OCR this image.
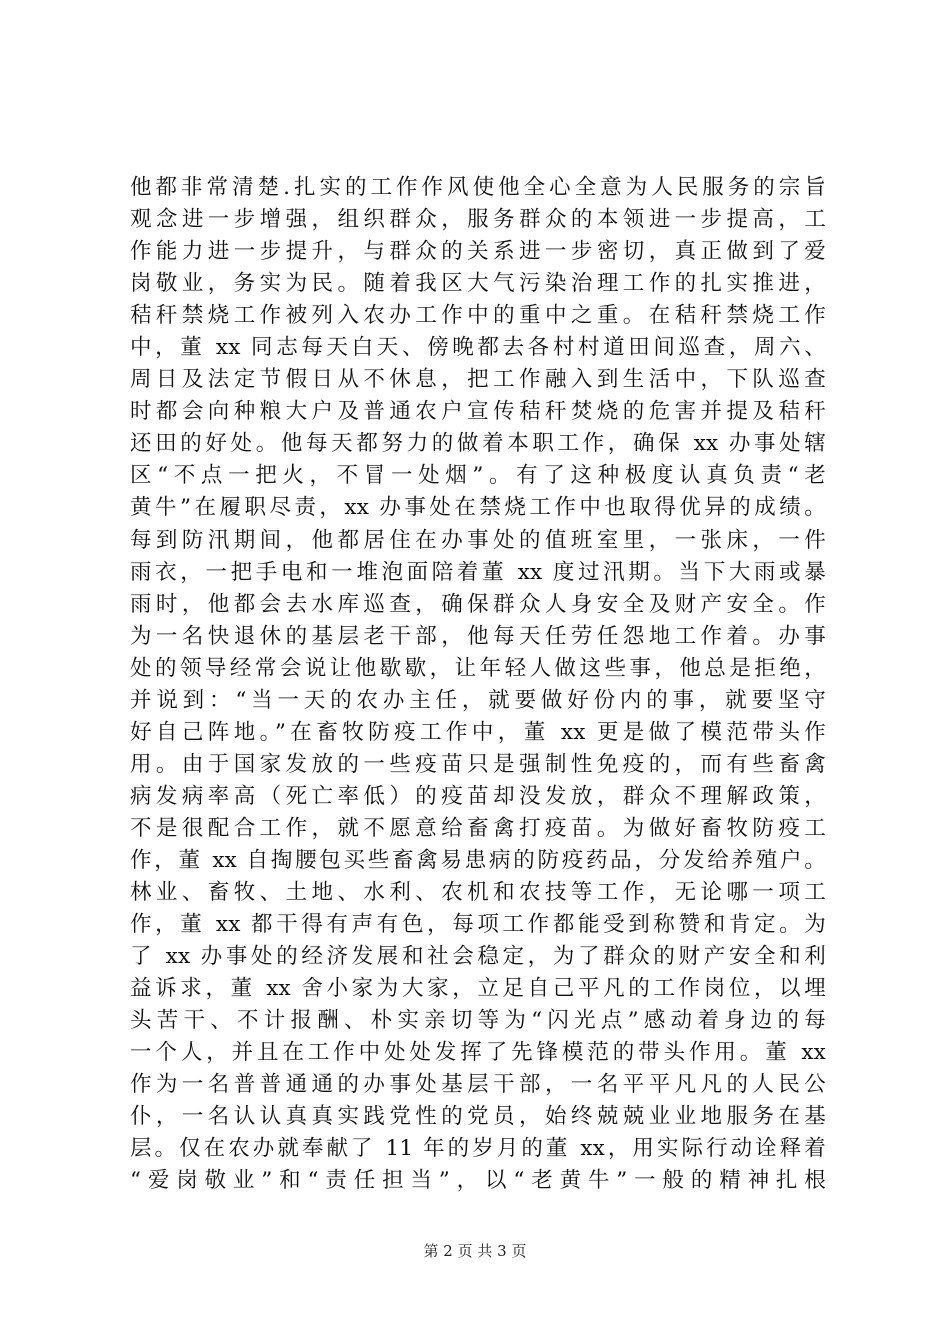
他都非常清楚.扎实的工作作风使他全心全意为人民服务的宗旨
观念进一步增强，组织群众，服务群众的本领进一步提高，工
作能力进一步提升，与群众的关系进一步密切，真正做到了爱
岗敬业，务实为民。随着我区大气污染治理工作的扎实推进，
秸秆禁烧工作被列入农办工作中的重中之重。在秸秆禁烧工作
中，董 xx 同志每天白天、傍晚都去各村村道田间巡查，周六、
周日及法定节假日从不休息，把工作融入到生活中，下队巡查
时都会向种粮大户及普通农户宣传秸秆焚烧的危害并提及秸秆
还田的好处。他每天都努力的做着本职工作，确保 xx 办事处辖
区“不点一把火，不冒一处烟”。有了这种极度认真负责“老
黄牛”在履职尽责，xx 办事处在禁烧工作中也取得优异的成绩。
每到防汛期间，他都居住在办事处的值班室里，一张床，一件
雨衣，一把手电和一堆泡面陪着董 xx 度过汛期。当下大雨或暴
雨时，他都会去水库巡查，确保群众人身安全及财产安全。作
为一名快退休的基层老干部，他每天任劳任怨地工作着。办事
处的领导经常会说让他歇歇，让年轻人做这些事，他总是拒绝，
并说到：“当一天的农办主任，就要做好份内的事，就要坚守
好自己阵地。”在畜牧防疫工作中，董 xx 更是做了模范带头作
用。由于国家发放的一些疫苗只是强制性免疫的，而有些畜禽
病发病率高（死亡率低）的疫苗却没发放，群众不理解政策，
不是很配合工作，就不愿意给畜禽打疫苗。为做好畜牧防疫工
作，董 xx 自掏腰包买些畜禽易患病的防疫药品，分发给养殖户。
林业、畜牧、土地、水利、农机和农技等工作，无论哪一项工
作，董 xx 都干得有声有色，每项工作都能受到称赞和肯定。为
了 xx 办事处的经济发展和社会稳定，为了群众的财产安全和利
益诉求，董 xx 舍小家为大家，立足自己平凡的工作岗位，以埋
头苦干、不计报酬、朴实亲切等为“闪光点”感动着身边的每
一个人，并且在工作中处处发挥了先锋模范的带头作用。董 xx
作为一名普普通通的办事处基层干部，一名平平凡凡的人民公
仆，一名认认真真实践党性的党员，始终兢兢业业地服务在基
层。仅在农办就奉献了 11 年的岁月的董 xx，用实际行动诠释着
“爱岗敬业”和“责任担当”，以“老黄牛”一般的精神扎根
第 2 页 共 3 页
